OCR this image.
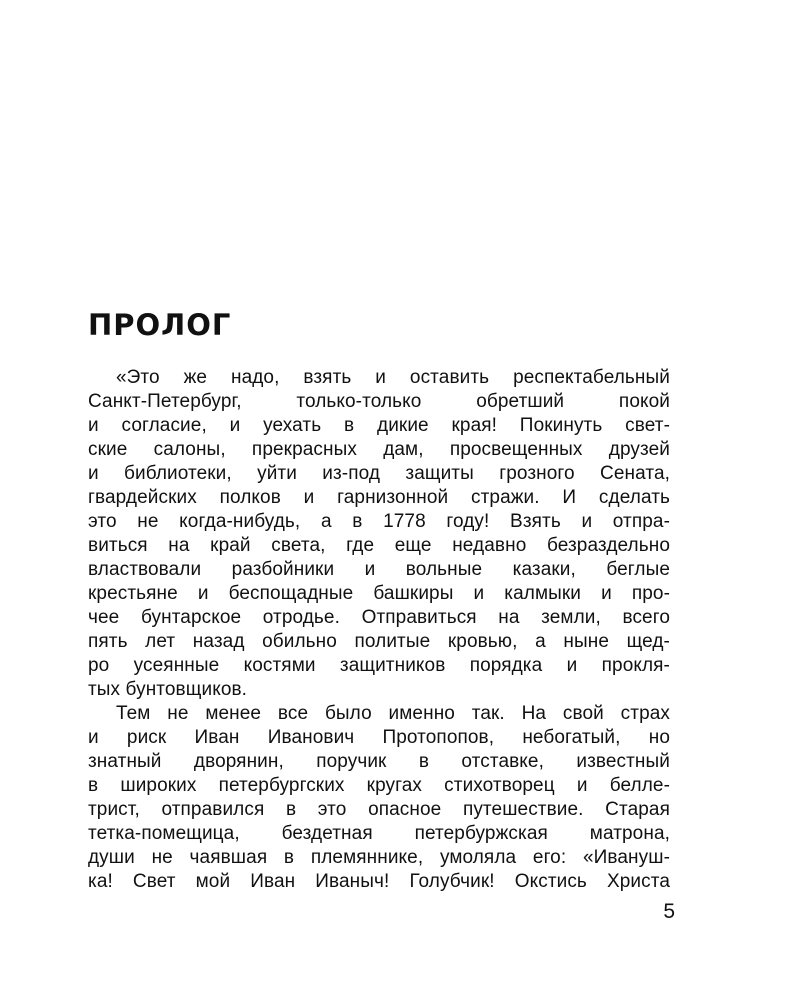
ПРОЛОГ
«Это же надо, взять и оставить респектабельный
Санкт-Петербург, только-только обретший покой
и согласие, и уехать в дикие края! Покинуть свет-
ские салоны, прекрасных дам, просвещенных друзей
и библиотеки, уйти из-под защиты грозного Сената,
гвардейских полков и гарнизонной стражи. И сделать
это не когда-нибудь, а в 1778 году! Взять и отпра-
виться на край света, где еще недавно безраздельно
властвовали разбойники и вольные казаки, беглые
крестьяне и беспощадные башкиры и калмыки и про-
чее бунтарское отродье. Отправиться на земли, всего
пять лет назад обильно политые кровью, а ныне щед-
ро усеянные костями защитников порядка и прокля-
тых бунтовщиков.
Тем не менее все было именно так. На свой страх
и риск Иван Иванович Протопопов, небогатый, но
знатный дворянин, поручик в отставке, известный
в широких петербургских кругах стихотворец и белле-
трист, отправился в это опасное путешествие. Старая
тетка-помещица, бездетная петербуржская матрона,
души не чаявшая в племяннике, умоляла его: «Ивануш-
ка! Свет мой Иван Иваныч! Голубчик! Окстись Христа

5
